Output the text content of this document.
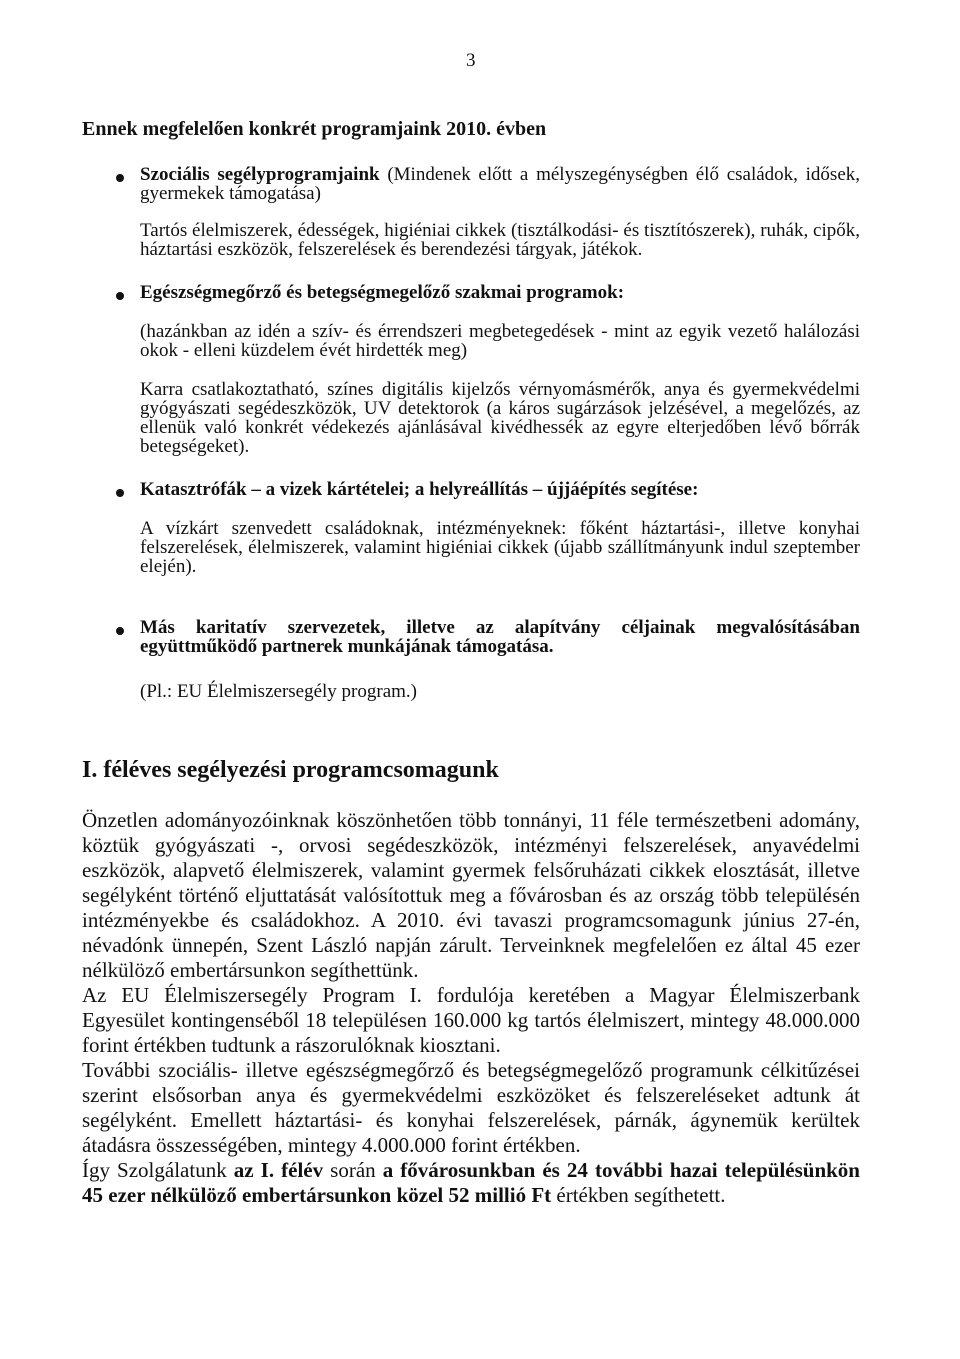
3
Ennek megfelelően konkrét programjaink 2010. évben
Szociális segélyprogramjaink (Mindenek előtt a mélyszegénységben élő családok, idősek, gyermekek támogatása)

Tartós élelmiszerek, édességek, higiéniai cikkek (tisztálkodási- és tisztítószerek), ruhák, cipők, háztartási eszközök, felszerelések és berendezési tárgyak, játékok.

Egészségmegőrző és betegségmegelőző szakmai programok:

(hazánkban az idén a szív- és érrendszeri megbetegedések - mint az egyik vezető halálozási okok - elleni küzdelem évét hirdették meg)

Karra csatlakoztatható, színes digitális kijelzős vérnyomásmérők, anya és gyermekvédelmi gyógyászati segédeszközök, UV detektorok (a káros sugárzások jelzésével, a megelőzés, az ellenük való konkrét védekezés ajánlásával kivédhessék az egyre elterjedőben lévő bőrrák betegségeket).

Katasztrófák – a vizek kártételei; a helyreállítás – újjáépítés segítése:

A vízkárt szenvedett családoknak, intézményeknek: főként háztartási-, illetve konyhai felszerelések, élelmiszerek, valamint higiéniai cikkek (újabb szállítmányunk indul szeptember elején).

Más karitatív szervezetek, illetve az alapítvány céljainak megvalósításában együttműködő partnerek munkájának támogatása.

(Pl.: EU Élelmiszersegély program.)

I. féléves segélyezési programcsomagunk

Önzetlen adományozóinknak köszönhetően több tonnányi, 11 féle természetbeni adomány, köztük gyógyászati -, orvosi segédeszközök, intézményi felszerelések, anyavédelmi eszközök, alapvető élelmiszerek, valamint gyermek felsőruházati cikkek elosztását, illetve segélyként történő eljuttatását valósítottuk meg a fővárosban és az ország több településén intézményekbe és családokhoz. A 2010. évi tavaszi programcsomagunk június 27-én, névadónk ünnepén, Szent László napján zárult. Terveinknek megfelelően ez által 45 ezer nélkülöző embertársunkon segíthettünk.

Az EU Élelmiszersegély Program I. fordulója keretében a Magyar Élelmiszerbank Egyesület kontingenséből 18 településen 160.000 kg tartós élelmiszert, mintegy 48.000.000 forint értékben tudtunk a rászorulóknak kiosztani.

További szociális- illetve egészségmegőrző és betegségmegelőző programunk célkitűzései szerint elsősorban anya és gyermekvédelmi eszközöket és felszereléseket adtunk át segélyként. Emellett háztartási- és konyhai felszerelések, párnák, ágynemük kerültek átadásra összességében, mintegy 4.000.000 forint értékben.

Így Szolgálatunk az I. félév során a fővárosunkban és 24 további hazai településünkön 45 ezer nélkülöző embertársunkon közel 52 millió Ft értékben segíthetett.
